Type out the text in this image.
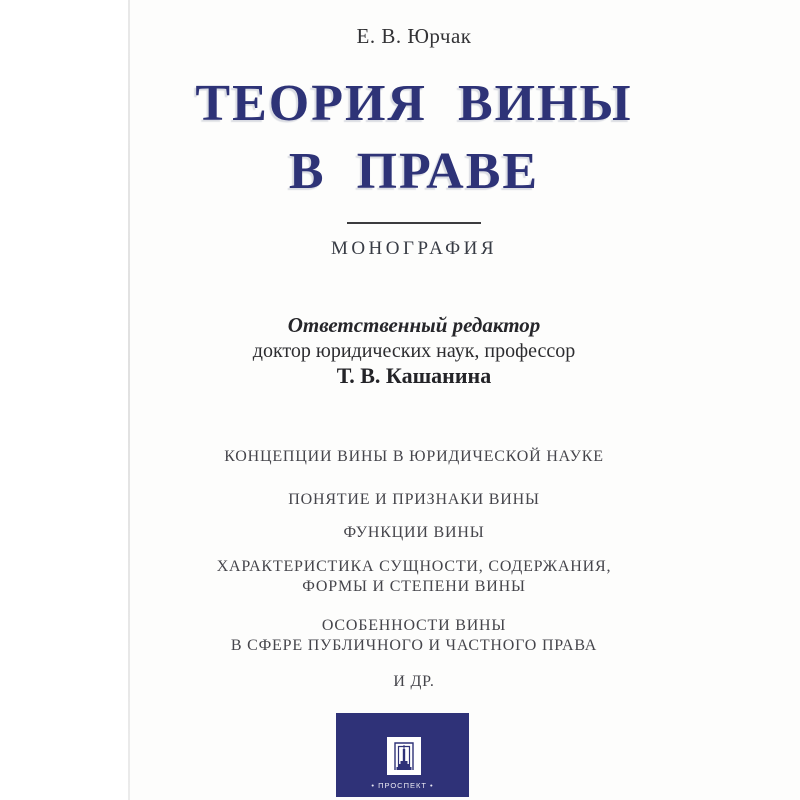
Е. В. Юрчак
ТЕОРИЯ ВИНЫ
В ПРАВЕ
МОНОГРАФИЯ
Ответственный редактор
доктор юридических наук, профессор
Т. В. Кашанина
КОНЦЕПЦИИ ВИНЫ В ЮРИДИЧЕСКОЙ НАУКЕ
ПОНЯТИЕ И ПРИЗНАКИ ВИНЫ
ФУНКЦИИ ВИНЫ
ХАРАКТЕРИСТИКА СУЩНОСТИ, СОДЕРЖАНИЯ,
ФОРМЫ И СТЕПЕНИ ВИНЫ
ОСОБЕННОСТИ ВИНЫ
В СФЕРЕ ПУБЛИЧНОГО И ЧАСТНОГО ПРАВА
И ДР.
• ПРОСПЕКТ •
